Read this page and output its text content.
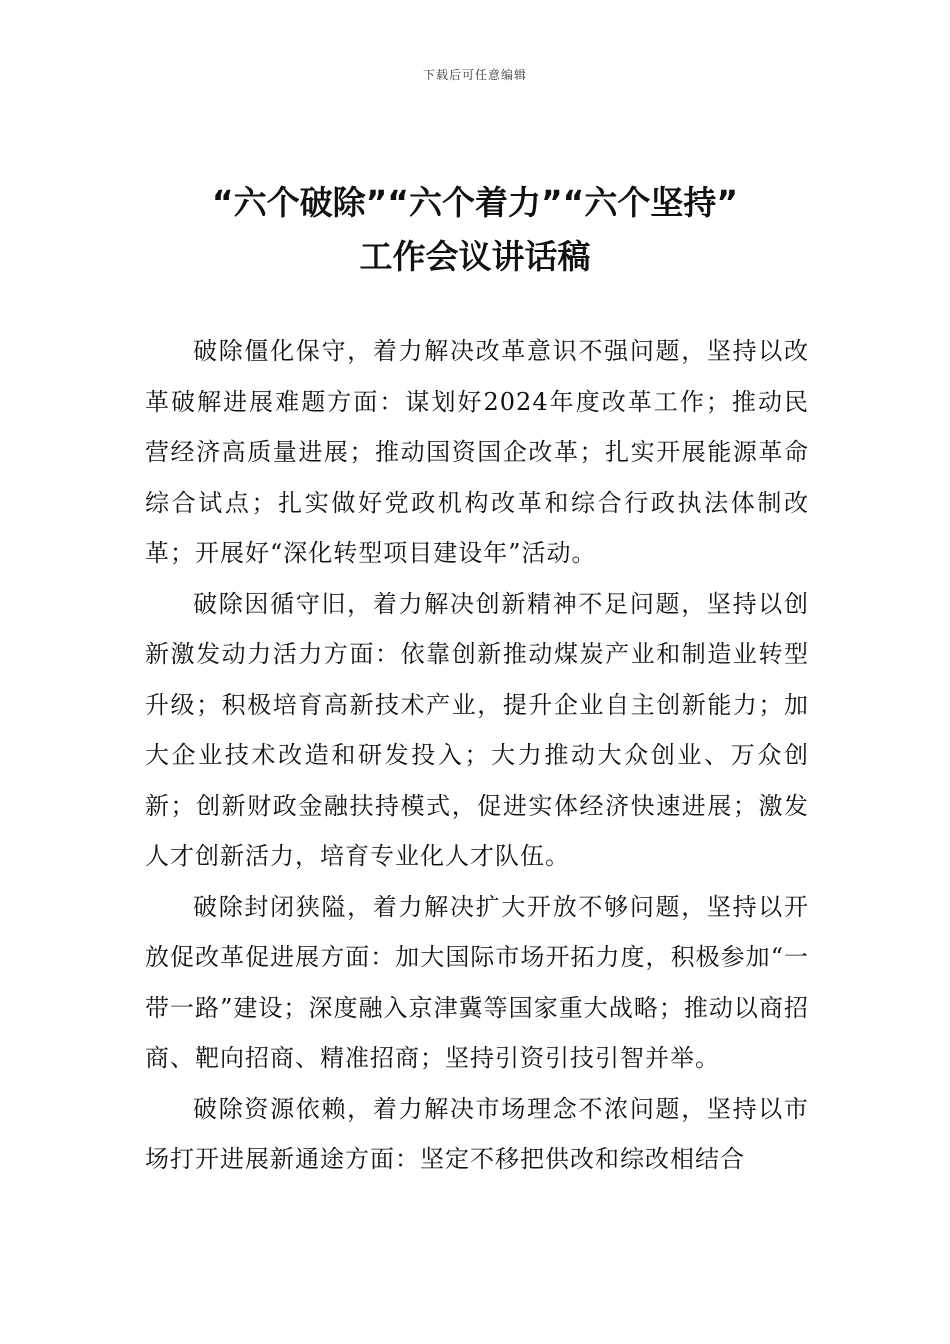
下载后可任意编辑
“六个破除”“六个着力”“六个坚持”
工作会议讲话稿

破除僵化保守，着力解决改革意识不强问题，坚持以改革破解进展难题方面：谋划好2024年度改革工作；推动民营经济高质量进展；推动国资国企改革；扎实开展能源革命综合试点；扎实做好党政机构改革和综合行政执法体制改革；开展好“深化转型项目建设年”活动。

破除因循守旧，着力解决创新精神不足问题，坚持以创新激发动力活力方面：依靠创新推动煤炭产业和制造业转型升级；积极培育高新技术产业，提升企业自主创新能力；加大企业技术改造和研发投入；大力推动大众创业、万众创新；创新财政金融扶持模式，促进实体经济快速进展；激发人才创新活力，培育专业化人才队伍。

破除封闭狭隘，着力解决扩大开放不够问题，坚持以开放促改革促进展方面：加大国际市场开拓力度，积极参加“一带一路”建设；深度融入京津冀等国家重大战略；推动以商招商、靶向招商、精准招商；坚持引资引技引智并举。

破除资源依赖，着力解决市场理念不浓问题，坚持以市场打开进展新通途方面：坚定不移把供改和综改相结合
